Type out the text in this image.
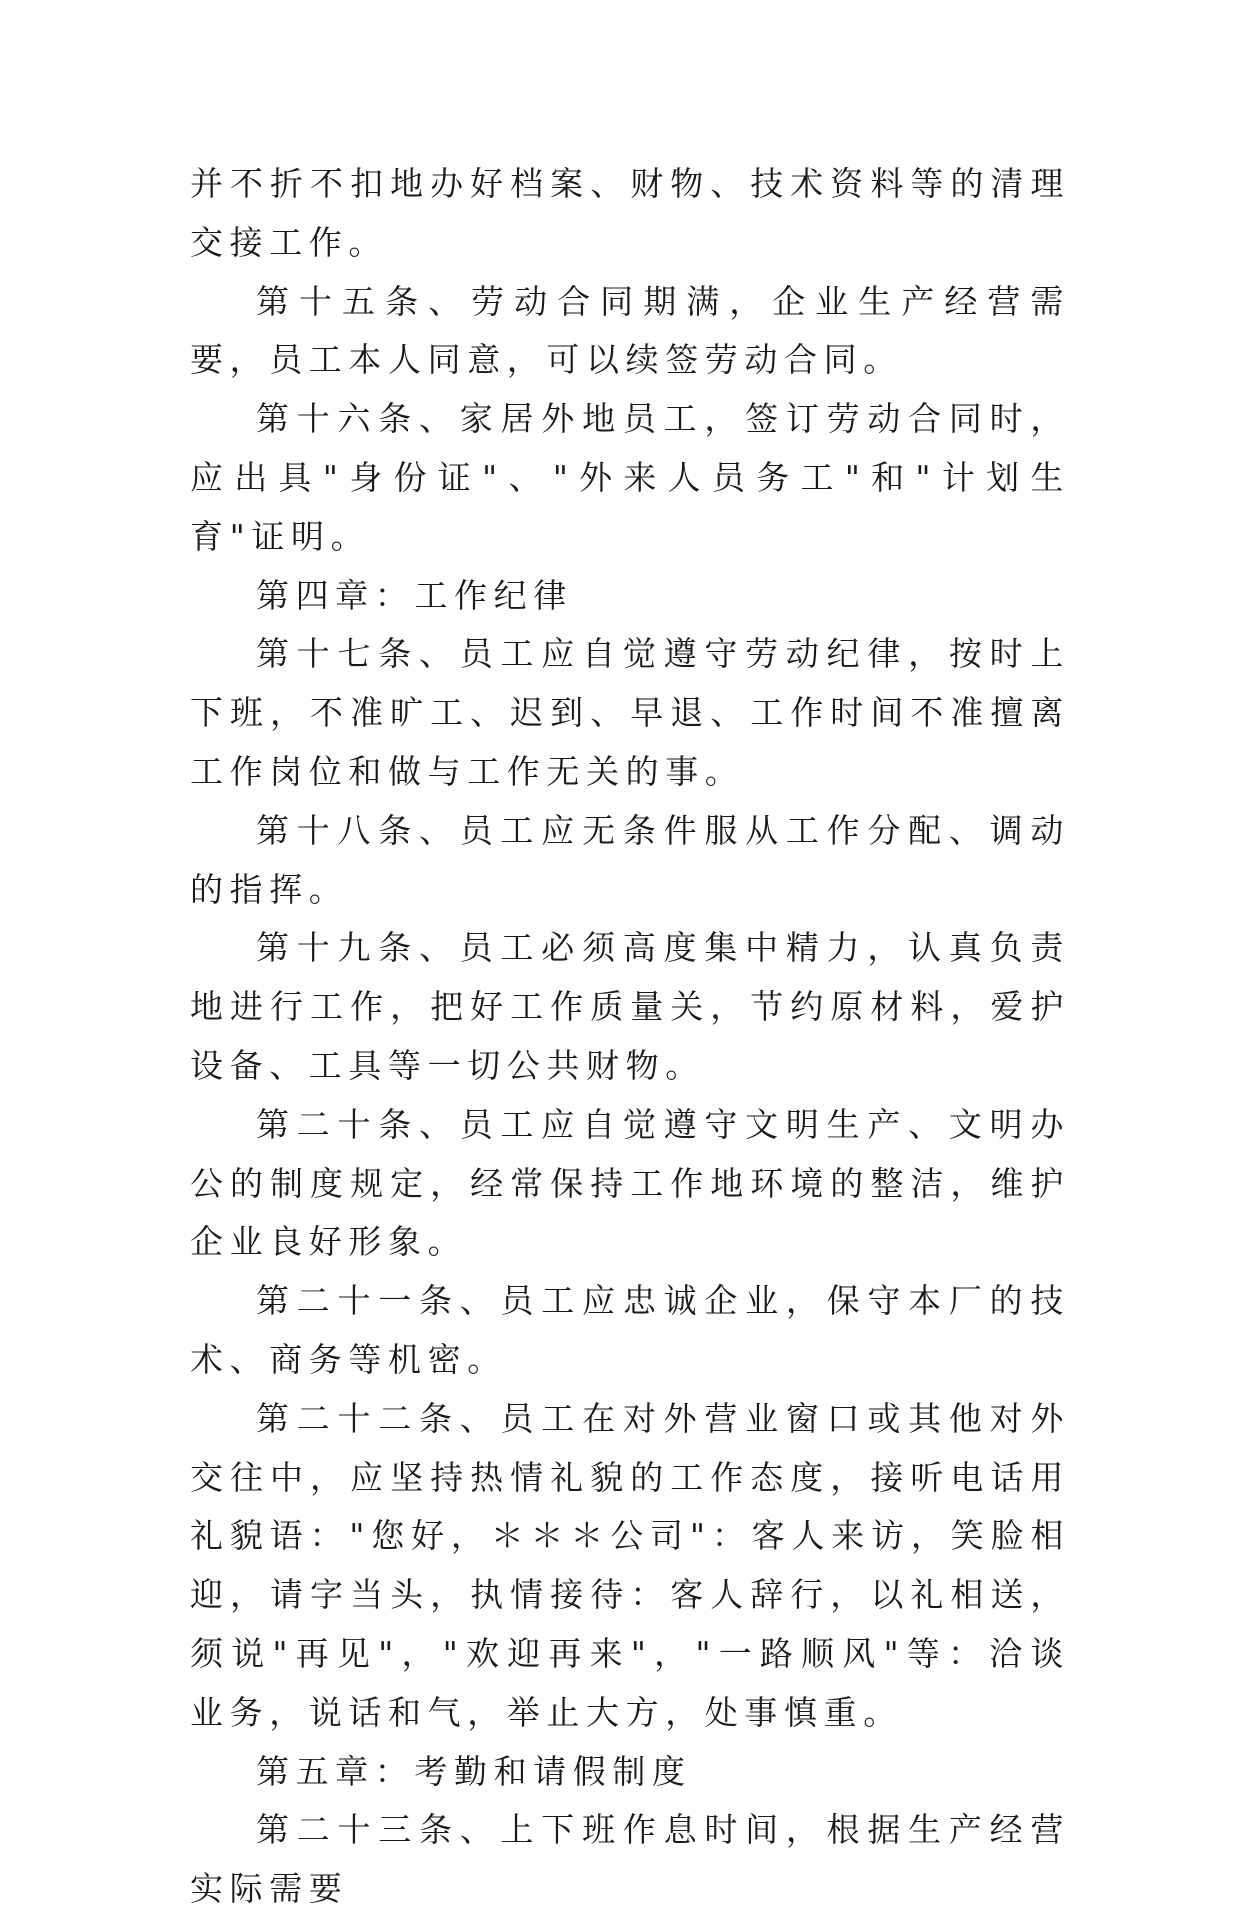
并不折不扣地办好档案、财物、技术资料等的清理交接工作。

第十五条、劳动合同期满，企业生产经营需要，员工本人同意，可以续签劳动合同。

第十六条、家居外地员工，签订劳动合同时，应出具"身份证"、"外来人员务工"和"计划生育"证明。

第四章：工作纪律

第十七条、员工应自觉遵守劳动纪律，按时上下班，不准旷工、迟到、早退、工作时间不准擅离工作岗位和做与工作无关的事。

第十八条、员工应无条件服从工作分配、调动的指挥。

第十九条、员工必须高度集中精力，认真负责地进行工作，把好工作质量关，节约原材料，爱护设备、工具等一切公共财物。

第二十条、员工应自觉遵守文明生产、文明办公的制度规定，经常保持工作地环境的整洁，维护企业良好形象。

第二十一条、员工应忠诚企业，保守本厂的技术、商务等机密。

第二十二条、员工在对外营业窗口或其他对外交往中，应坚持热情礼貌的工作态度，接听电话用礼貌语："您好，＊＊＊公司"：客人来访，笑脸相迎，请字当头，执情接待：客人辞行，以礼相送，须说"再见"，"欢迎再来"，"一路顺风"等：洽谈业务，说话和气，举止大方，处事慎重。

第五章：考勤和请假制度

第二十三条、上下班作息时间，根据生产经营实际需要
